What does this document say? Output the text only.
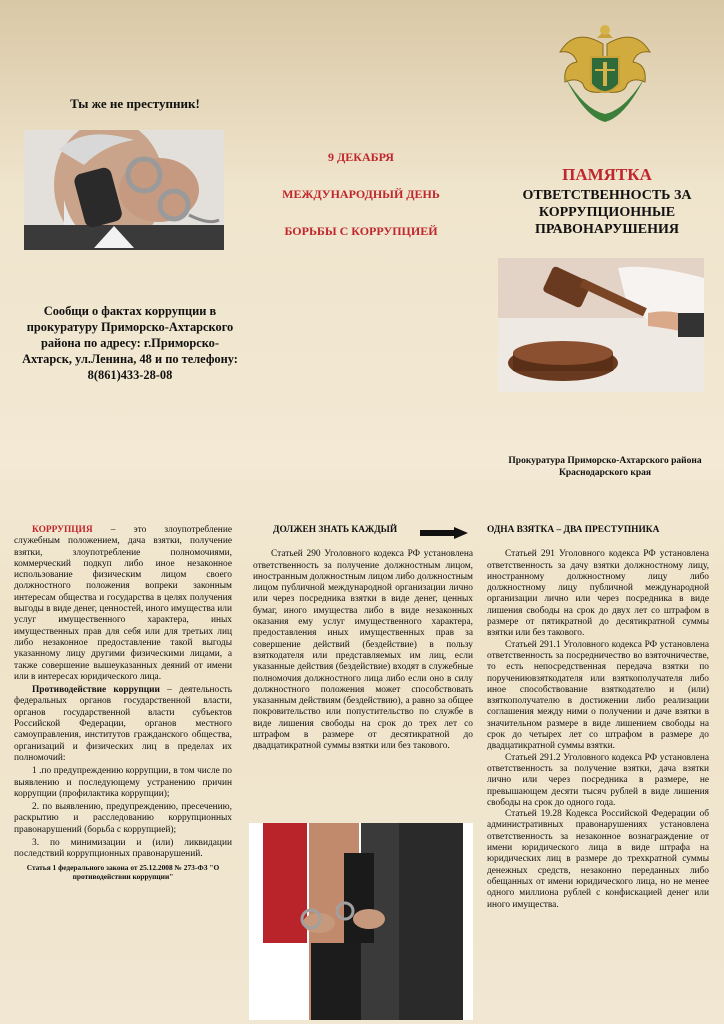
Ты же не преступник!
Сообщи о фактах коррупции в прокуратуру Приморско-Ахтарского района по адресу: г.Приморско-Ахтарск, ул.Ленина, 48 и по телефону: 8(861)433-28-08

9 ДЕКАБРЯ

МЕЖДУНАРОДНЫЙ ДЕНЬ

БОРЬБЫ С КОРРУПЦИЕЙ

ПАМЯТКА
ОТВЕТСТВЕННОСТЬ ЗА КОРРУПЦИОННЫЕ ПРАВОНАРУШЕНИЯ
Прокуратура Приморско-Ахтарского района Краснодарского края

КОРРУПЦИЯ – это злоупотребление служебным положением, дача взятки, получение взятки, злоупотребление полномочиями, коммерческий подкуп либо иное незаконное использование физическим лицом своего должностного положения вопреки законным интересам общества и государства в целях получения выгоды в виде денег, ценностей, иного имущества или услуг имущественного характера, иных имущественных прав для себя или для третьих лиц либо незаконное предоставление такой выгоды указанному лицу другими физическими лицами, а также совершение вышеуказанных деяний от имени или в интересах юридического лица.

Противодействие коррупции – деятельность федеральных органов государственной власти, органов государственной власти субъектов Российской Федерации, органов местного самоуправления, институтов гражданского общества, организаций и физических лиц в пределах их полномочий:

1 .по предупреждению коррупции, в том числе по выявлению и последующему устранению причин коррупции (профилактика коррупции);

2. по выявлению, предупреждению, пресечению, раскрытию и расследованию коррупционных правонарушений (борьба с коррупцией);

3. по минимизации и (или) ликвидации последствий коррупционных правонарушений.

Статья 1 федерального закона от 25.12.2008 № 273-ФЗ "О противодействии коррупции"

ДОЛЖЕН ЗНАТЬ КАЖДЫЙ

Статьей 290 Уголовного кодекса РФ установлена ответственность за получение должностным лицом, иностранным должностным лицом либо должностным лицом публичной международной организации лично или через посредника взятки в виде денег, ценных бумаг, иного имущества либо в виде незаконных оказания ему услуг имущественного характера, предоставления иных имущественных прав за совершение действий (бездействие) в пользу взяткодателя или представляемых им лиц, если указанные действия (бездействие) входят в служебные полномочия должностного лица либо если оно в силу должностного положения может способствовать указанным действиям (бездействию), а равно за общее покровительство или попустительство по службе в виде лишения свободы на срок до трех лет со штрафом в размере от десятикратной до двадцатикратной суммы взятки или без такового.

ОДНА ВЗЯТКА – ДВА ПРЕСТУПНИКА

Статьей 291 Уголовного кодекса РФ установлена ответственность за дачу взятки должностному лицу, иностранному должностному лицу либо должностному лицу публичной международной организации лично или через посредника в виде лишения свободы на срок до двух лет со штрафом в размере от пятикратной до десятикратной суммы взятки или без такового.

Статьей 291.1 Уголовного кодекса РФ установлена ответственность за посредничество во взяточничестве, то есть непосредственная передача взятки по поручениювзяткодателя или взяткополучателя либо иное способствование взяткодателю и (или) взяткополучателю в достижении либо реализации соглашения между ними о получении и даче взятки в значительном размере в виде лишением свободы на срок до четырех лет со штрафом в размере до двадцатикратной суммы взятки.

Статьей 291.2 Уголовного кодекса РФ установлена ответственность за получение взятки, дача взятки лично или через посредника в размере, не превышающем десяти тысяч рублей в виде лишения свободы на срок до одного года.

Статьей 19.28 Кодекса Российской Федерации об административных правонарушениях установлена ответственность за незаконное вознаграждение от имени юридического лица в виде штрафа на юридических лиц в размере до трехкратной суммы денежных средств, незаконно переданных либо обещанных от имени юридического лица, но не менее одного миллиона рублей с конфискацией денег или иного имущества.
